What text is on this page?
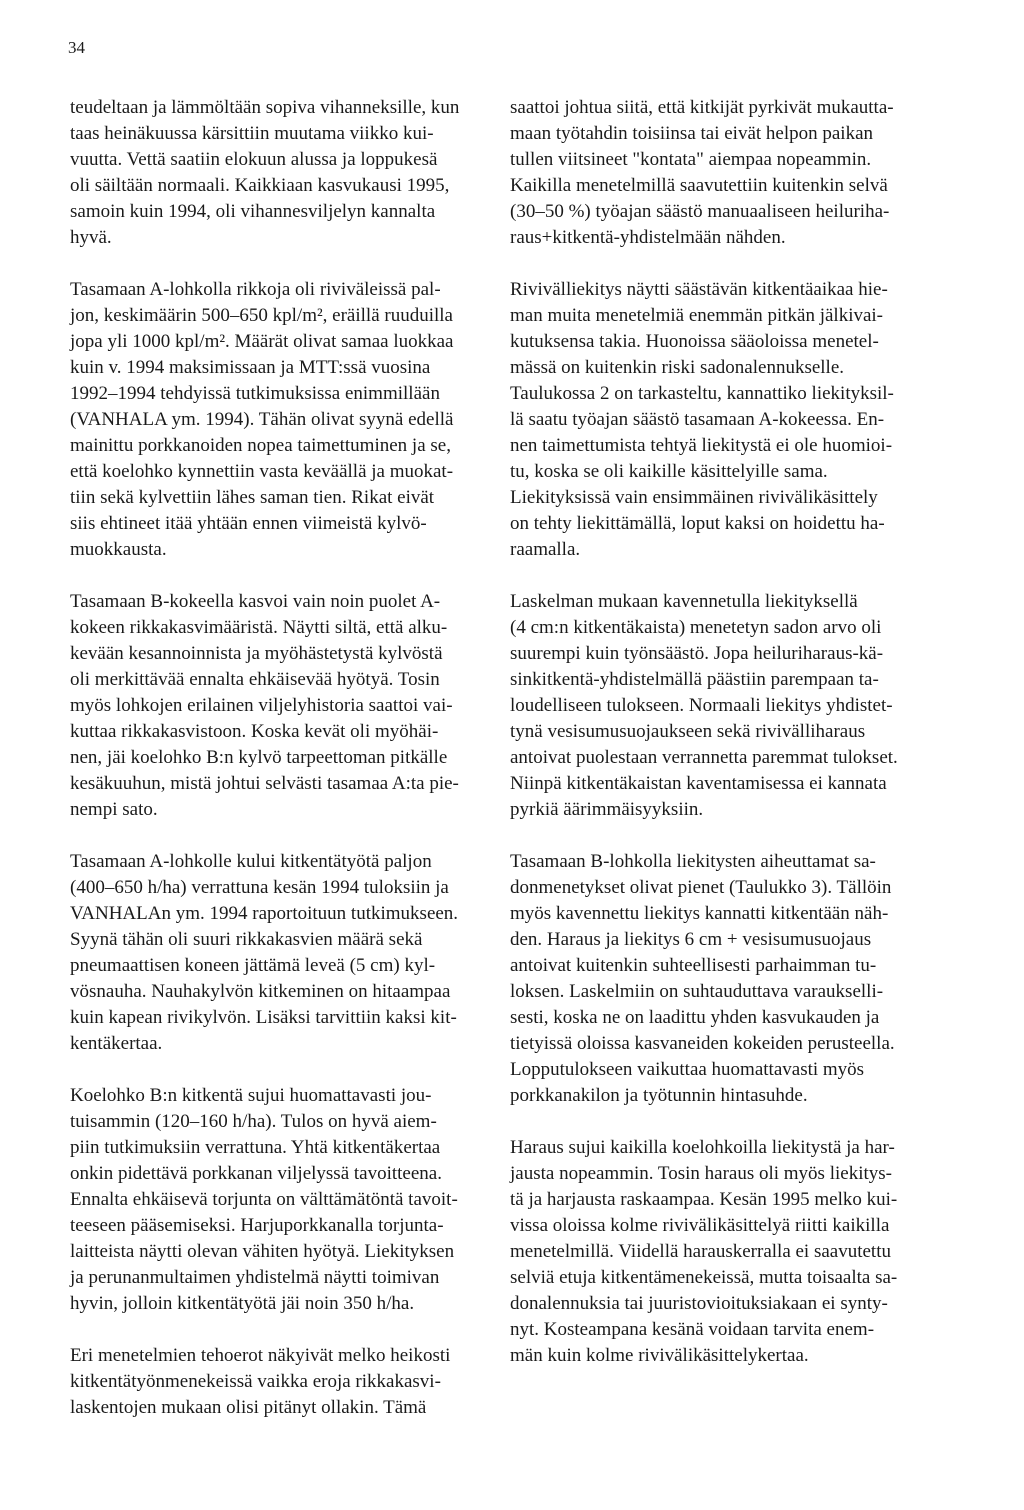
34

teudeltaan ja lämmöltään sopiva vihanneksille, kun
taas heinäkuussa kärsittiin muutama viikko kui-
vuutta. Vettä saatiin elokuun alussa ja loppukesä
oli säiltään normaali. Kaikkiaan kasvukausi 1995,
samoin kuin 1994, oli vihannesviljelyn kannalta
hyvä.

Tasamaan A-lohkolla rikkoja oli riviväleissä pal-
jon, keskimäärin 500–650 kpl/m², eräillä ruuduilla
jopa yli 1000 kpl/m². Määrät olivat samaa luokkaa
kuin v. 1994 maksimissaan ja MTT:ssä vuosina
1992–1994 tehdyissä tutkimuksissa enimmillään
(VANHALA ym. 1994). Tähän olivat syynä edellä
mainittu porkkanoiden nopea taimettuminen ja se,
että koelohko kynnettiin vasta keväällä ja muokat-
tiin sekä kylvettiin lähes saman tien. Rikat eivät
siis ehtineet itää yhtään ennen viimeistä kylvö-
muokkausta.

Tasamaan B-kokeella kasvoi vain noin puolet A-
kokeen rikkakasvimääristä. Näytti siltä, että alku-
kevään kesannoinnista ja myöhästetystä kylvöstä
oli merkittävää ennalta ehkäisevää hyötyä. Tosin
myös lohkojen erilainen viljelyhistoria saattoi vai-
kuttaa rikkakasvistoon. Koska kevät oli myöhäi-
nen, jäi koelohko B:n kylvö tarpeettoman pitkälle
kesäkuuhun, mistä johtui selvästi tasamaa A:ta pie-
nempi sato.

Tasamaan A-lohkolle kului kitkentätyötä paljon
(400–650 h/ha) verrattuna kesän 1994 tuloksiin ja
VANHALAn ym. 1994 raportoituun tutkimukseen.
Syynä tähän oli suuri rikkakasvien määrä sekä
pneumaattisen koneen jättämä leveä (5 cm) kyl-
vösnauha. Nauhakylvön kitkeminen on hitaampaa
kuin kapean rivikylvön. Lisäksi tarvittiin kaksi kit-
kentäkertaa.

Koelohko B:n kitkentä sujui huomattavasti jou-
tuisammin (120–160 h/ha). Tulos on hyvä aiem-
piin tutkimuksiin verrattuna. Yhtä kitkentäkertaa
onkin pidettävä porkkanan viljelyssä tavoitteena.
Ennalta ehkäisevä torjunta on välttämätöntä tavoit-
teeseen pääsemiseksi. Harjuporkkanalla torjunta-
laitteista näytti olevan vähiten hyötyä. Liekityksen
ja perunanmultaimen yhdistelmä näytti toimivan
hyvin, jolloin kitkentätyötä jäi noin 350 h/ha.

Eri menetelmien tehoerot näkyivät melko heikosti
kitkentätyönmenekeissä vaikka eroja rikkakasvi-
laskentojen mukaan olisi pitänyt ollakin. Tämä

saattoi johtua siitä, että kitkijät pyrkivät mukautta-
maan työtahdin toisiinsa tai eivät helpon paikan
tullen viitsineet "kontata" aiempaa nopeammin.
Kaikilla menetelmillä saavutettiin kuitenkin selvä
(30–50 %) työajan säästö manuaaliseen heiluriha-
raus+kitkentä-yhdistelmään nähden.

Rivivälliekitys näytti säästävän kitkentäaikaa hie-
man muita menetelmiä enemmän pitkän jälkivai-
kutuksensa takia. Huonoissa sääoloissa menetel-
mässä on kuitenkin riski sadonalennukselle.
Taulukossa 2 on tarkasteltu, kannattiko liekityksil-
lä saatu työajan säästö tasamaan A-kokeessa. En-
nen taimettumista tehtyä liekitystä ei ole huomioi-
tu, koska se oli kaikille käsittelyille sama.
Liekityksissä vain ensimmäinen rivivälikäsittely
on tehty liekittämällä, loput kaksi on hoidettu ha-
raamalla.

Laskelman mukaan kavennetulla liekityksellä
(4 cm:n kitkentäkaista) menetetyn sadon arvo oli
suurempi kuin työnsäästö. Jopa heiluriharaus-kä-
sinkitkentä-yhdistelmällä päästiin parempaan ta-
loudelliseen tulokseen. Normaali liekitys yhdistet-
tynä vesisumusuojaukseen sekä rivivälliharaus
antoivat puolestaan verrannetta paremmat tulokset.
Niinpä kitkentäkaistan kaventamisessa ei kannata
pyrkiä äärimmäisyyksiin.

Tasamaan B-lohkolla liekitysten aiheuttamat sa-
donmenetykset olivat pienet (Taulukko 3). Tällöin
myös kavennettu liekitys kannatti kitkentään näh-
den. Haraus ja liekitys 6 cm + vesisumusuojaus
antoivat kuitenkin suhteellisesti parhaimman tu-
loksen. Laskelmiin on suhtauduttava varaukselli-
sesti, koska ne on laadittu yhden kasvukauden ja
tietyissä oloissa kasvaneiden kokeiden perusteella.
Lopputulokseen vaikuttaa huomattavasti myös
porkkanakilon ja työtunnin hintasuhde.

Haraus sujui kaikilla koelohkoilla liekitystä ja har-
jausta nopeammin. Tosin haraus oli myös liekitys-
tä ja harjausta raskaampaa. Kesän 1995 melko kui-
vissa oloissa kolme rivivälikäsittelyä riitti kaikilla
menetelmillä. Viidellä harauskerralla ei saavutettu
selviä etuja kitkentämenekeissä, mutta toisaalta sa-
donalennuksia tai juuristovioituksiakaan ei synty-
nyt. Kosteampana kesänä voidaan tarvita enem-
män kuin kolme rivivälikäsittelykertaa.
